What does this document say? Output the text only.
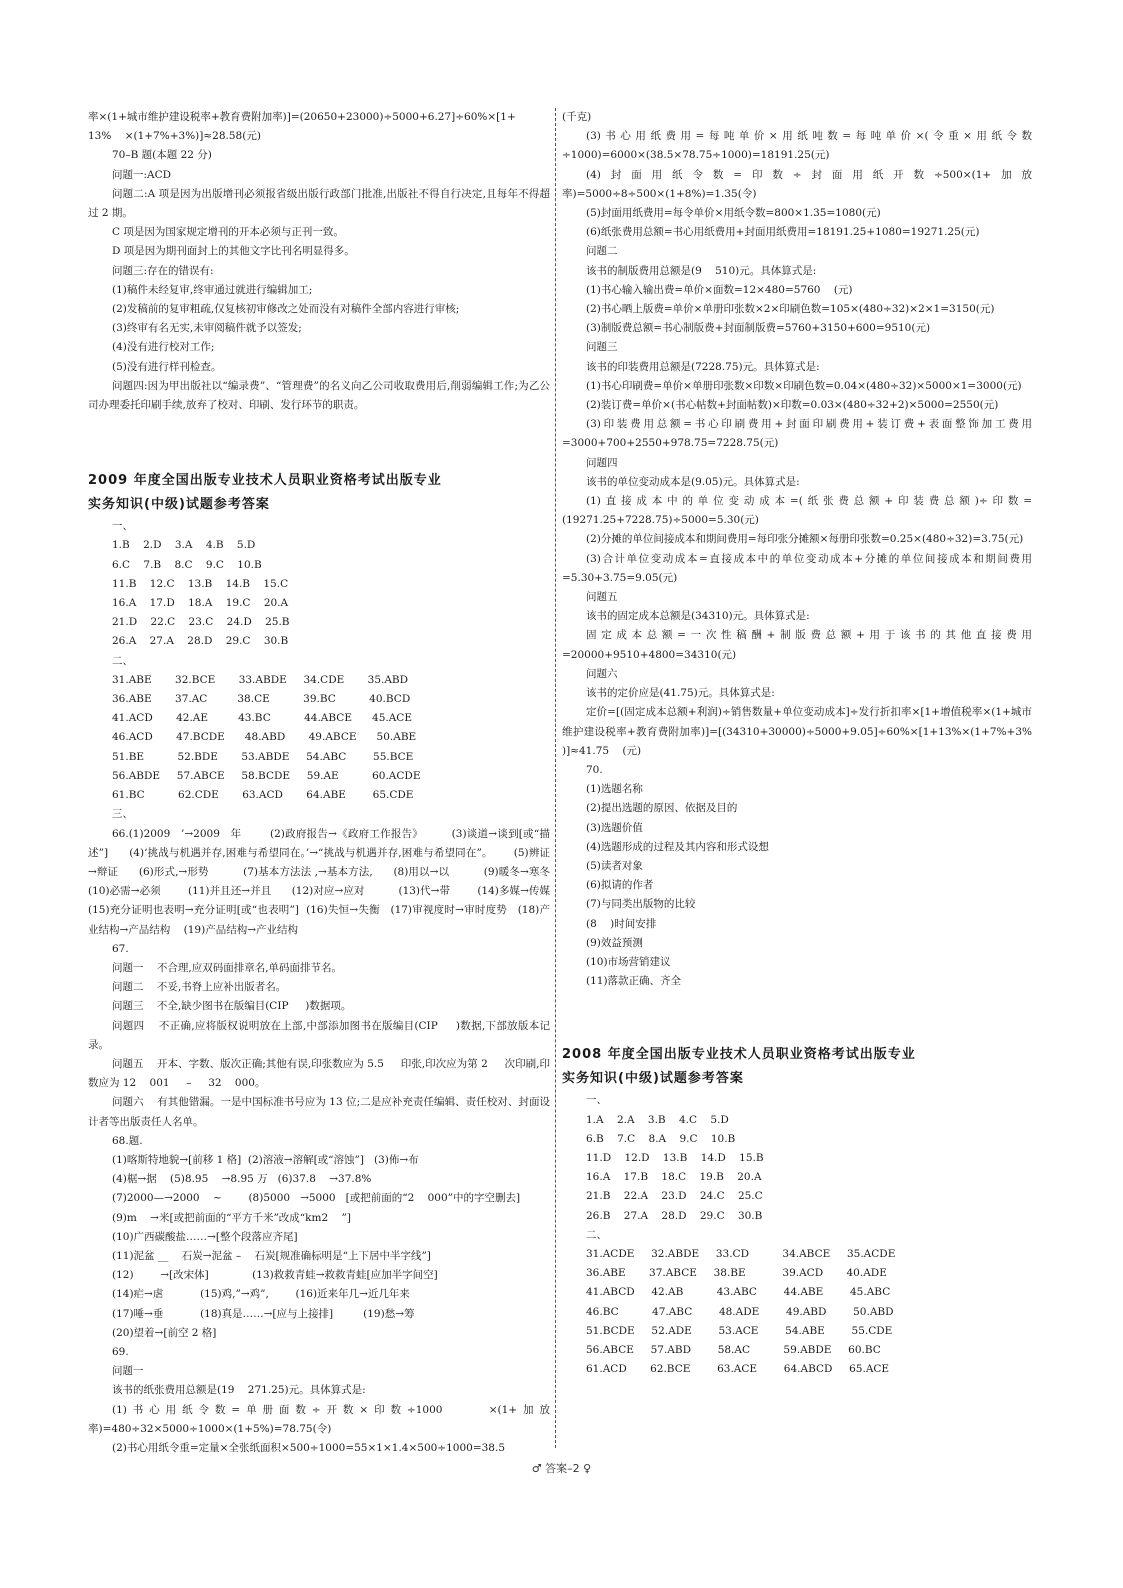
率×(1+城市维护建设税率+教育费附加率)]=(20650+23000)÷5000+6.27]÷60%×[1+

13%    ×(1+7%+3%)]≈28.58(元)

70–B 题(本题 22 分)

问题一:ACD

问题二:A 项是因为出版增刊必须报省级出版行政部门批准,出版社不得自行决定,且每年不得超过 2 期。

C 项是因为国家规定增刊的开本必须与正刊一致。

D 项是因为期刊面封上的其他文字比刊名明显得多。

问题三:存在的错误有:

(1)稿件未经复审,终审通过就进行编辑加工;

(2)发稿前的复审粗疏,仅复核初审修改之处而没有对稿件全部内容进行审核;

(3)终审有名无实,未审阅稿件就予以签发;

(4)没有进行校对工作;

(5)没有进行样刊检查。

问题四:因为甲出版社以“编录费”、“管理费”的名义向乙公司收取费用后,削弱编辑工作;为乙公司办理委托印刷手续,放弃了校对、印刷、发行环节的职责。

2009 年度全国出版专业技术人员职业资格考试出版专业

实务知识(中级)试题参考答案

一、

1.B    2.D    3.A    4.B    5.D

6.C    7.B    8.C    9.C    10.B

11.B    12.C    13.B    14.B    15.C

16.A    17.D    18.A    19.C    20.A

21.D    22.C    23.C    24.D    25.B

26.A    27.A    28.D    29.C    30.B

二、

31.ABE       32.BCE       33.ABDE     34.CDE       35.ABD

36.ABE       37.AC         38.CE          39.BC          40.BCD

41.ACD       42.AE         43.BC          44.ABCE      45.ACE

46.ACD       47.BCDE      48.ABD       49.ABCE      50.ABE

51.BE          52.BDE       53.ABDE     54.ABC        55.BCE

56.ABDE     57.ABCE     58.BCDE     59.AE          60.ACDE

61.BC          62.CDE       63.ACD       64.ABE        65.CDE

三、

66.(1)2009   ’→2009   年        (2)政府报告→《政府工作报告》        (3)谈道→谈到[或“描述”]      (4)‘挑战与机遇并存,困难与希望同在。’→“挑战与机遇并存,困难与希望同在”。      (5)辨证→辩证      (6)形式,→形势          (7)基本方法法 ,→基本方法,      (8)用以→以          (9)暖冬→寒冬        (10)必需→必须        (11)并且还→并且      (12)对应→应对          (13)代→带        (14)多媒→传媒        (15)充分证明也表明→充分证明[或“也表明”]  (16)失恒→失衡   (17)审视度时→审时度势   (18)产业结构→产品结构    (19)产品结构→产业结构

67.

问题一    不合理,应双码面排章名,单码面排节名。

问题二    不妥,书脊上应补出版者名。

问题三    不全,缺少图书在版编目(CIP     )数据项。

问题四    不正确,应将版权说明放在上部,中部添加图书在版编目(CIP     )数据,下部放版本记录。

问题五    开本、字数、版次正确;其他有误,印张数应为 5.5     印张,印次应为第 2     次印刷,印数应为 12    001     –     32    000。

问题六    有其他错漏。一是中国标准书号应为 13 位;二是应补充责任编辑、责任校对、封面设计者等出版责任人名单。

68.题.

(1)喀斯特地貌→[前移 1 格]  (2)溶液→溶解[或“溶蚀”]   (3)佈→布

(4)椐→据    (5)8.95    →8.95 万   (6)37.8    →37.8%

(7)2000—→2000    ~        (8)5000   →5000   [或把前面的“2    000”中的字空删去]

(9)m    →米[或把前面的“平方千米”改成“km2    ”]

(10)广西碳酸盐……→[整个段落应齐尾]

(11)泥盆 __    石炭→泥盆 –    石炭[规准确标明是“上下居中半字线”]

(12)        →[改宋体]             (13)救救青蛙→救救青蛙[应加半字间空]

(14)疟→虐           (15)鸡,”→鸡”,        (16)近来年几→近几年来

(17)唾→垂           (18)真是……→[应与上接排]         (19)愁→筹

(20)望着→[前空 2 格]

69.

问题一

该书的纸张费用总额是(19    271.25)元。具体算式是:

(1)书心用纸令数=单册面数÷开数×印数÷1000     ×(1+加放率)=480÷32×5000÷1000×(1+5%)=78.75(令)

(2)书心用纸令重=定量×全张纸面积×500÷1000=55×1×1.4×500÷1000=38.5

(千克)

(3)书心用纸费用=每吨单价×用纸吨数=每吨单价×(令重×用纸令数÷1000)=6000×(38.5×78.75÷1000)=18191.25(元)

(4)封面用纸令数=印数÷封面用纸开数÷500×(1+加放率)=5000÷8÷500×(1+8%)=1.35(令)

(5)封面用纸费用=每令单价×用纸令数=800×1.35=1080(元)

(6)纸张费用总额=书心用纸费用+封面用纸费用=18191.25+1080=19271.25(元)

问题二

该书的制版费用总额是(9    510)元。具体算式是:

(1)书心输入输出费=单价×面数=12×480=5760    (元)

(2)书心晒上版费=单价×单册印张数×2×印刷色数=105×(480÷32)×2×1=3150(元)

(3)制版费总额=书心制版费+封面制版费=5760+3150+600=9510(元)

问题三

该书的印装费用总额是(7228.75)元。具体算式是:

(1)书心印刷费=单价×单册印张数×印数×印刷色数=0.04×(480÷32)×5000×1=3000(元)

(2)装订费=单价×(书心帖数+封面帖数)×印数=0.03×(480÷32+2)×5000=2550(元)

(3)印装费用总额=书心印刷费用+封面印刷费用+装订费+表面整饰加工费用=3000+700+2550+978.75=7228.75(元)

问题四

该书的单位变动成本是(9.05)元。具体算式是:

(1)直接成本中的单位变动成本=(纸张费总额+印装费总额)÷印数=(19271.25+7228.75)÷5000=5.30(元)

(2)分摊的单位间接成本和期间费用=每印张分摊额×每册印张数=0.25×(480÷32)=3.75(元)

(3)合计单位变动成本=直接成本中的单位变动成本+分摊的单位间接成本和期间费用=5.30+3.75=9.05(元)

问题五

该书的固定成本总额是(34310)元。具体算式是:

固定成本总额=一次性稿酬+制版费总额+用于该书的其他直接费用=20000+9510+4800=34310(元)

问题六

该书的定价应是(41.75)元。具体算式是:

定价=[(固定成本总额+利润)÷销售数量+单位变动成本]÷发行折扣率×[1+增值税率×(1+城市维护建设税率+教育费附加率)]=[(34310+30000)÷5000+9.05]÷60%×[1+13%×(1+7%+3%    )]≈41.75    (元)

70.

(1)选题名称

(2)提出选题的原因、依据及目的

(3)选题价值

(4)选题形成的过程及其内容和形式设想

(5)读者对象

(6)拟请的作者

(7)与同类出版物的比较

(8    )时间安排

(9)效益预测

(10)市场营销建议

(11)落款正确、齐全

2008 年度全国出版专业技术人员职业资格考试出版专业

实务知识(中级)试题参考答案

一、

1.A    2.A    3.B    4.C    5.D

6.B    7.C    8.A    9.C    10.B

11.D    12.D    13.B    14.D    15.B

16.A    17.B    18.C    19.B    20.A

21.B    22.A    23.D    24.C    25.C

26.B    27.A    28.D    29.C    30.B

二、

31.ACDE     32.ABDE     33.CD          34.ABCE     35.ACDE

36.ABE       37.ABCE     38.BE           39.ACD       40.ADE

41.ABCD     42.AB          43.ABC        44.ABE        45.ABC

46.BC          47.ABC        48.ADE        49.ABD        50.ABD

51.BCDE     52.ADE        53.ACE        54.ABE        55.CDE

56.ABCE     57.ABD        58.AC          59.ABDE     60.BC

61.ACD       62.BCE        63.ACE        64.ABCD     65.ACE

♂ 答案–2 ♀
